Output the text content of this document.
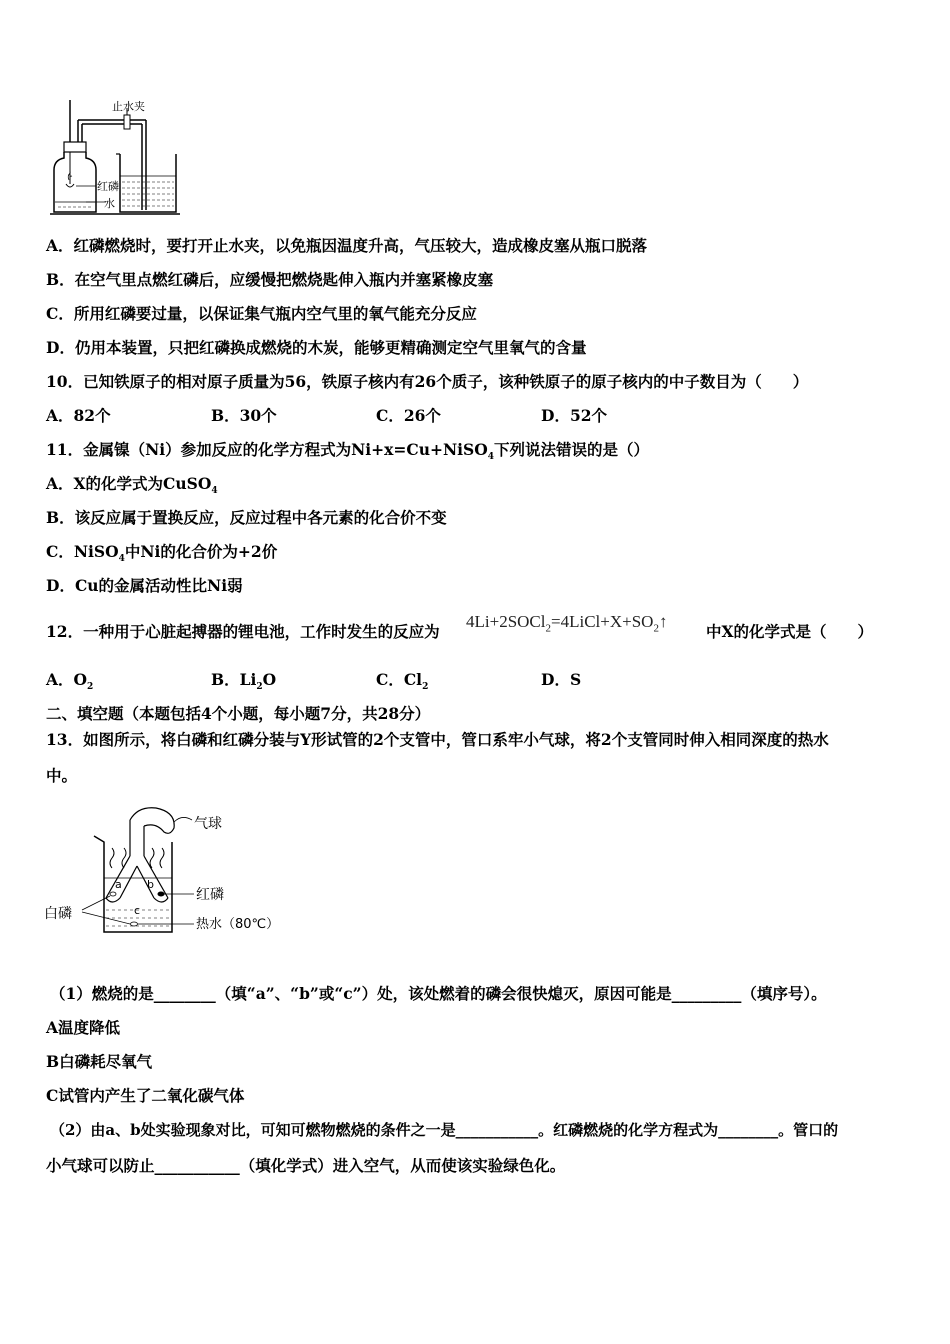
止水夹
红磷
水
A．红磷燃烧时，要打开止水夹，以免瓶因温度升高，气压较大，造成橡皮塞从瓶口脱落
B．在空气里点燃红磷后，应缓慢把燃烧匙伸入瓶内并塞紧橡皮塞
C．所用红磷要过量，以保证集气瓶内空气里的氧气能充分反应
D．仍用本装置，只把红磷换成燃烧的木炭，能够更精确测定空气里氧气的含量
10．已知铁原子的相对原子质量为56，铁原子核内有26个质子，该种铁原子的原子核内的中子数目为（　　）
A．82个	B．30个	C．26个	D．52个
11．金属镍（Ni）参加反应的化学方程式为Ni+x=Cu+NiSO$_4$下列说法错误的是（）
A．X的化学式为CuSO$_4$
B．该反应属于置换反应，反应过程中各元素的化合价不变
C．NiSO$_4$中Ni的化合价为+2价
D．Cu的金属活动性比Ni弱
12．一种用于心脏起搏器的锂电池，工作时发生的反应为
$4Li+2SOCl_2=4LiCl+X+SO_2↑$
中X的化学式是（　　）
A．$O_2$	B．$Li_2O$	C．$Cl_2$	D．S
二、填空题（本题包括4个小题，每小题7分，共28分）
13．如图所示，将白磷和红磷分装与Y形试管的2个支管中，管口系牢小气球，将2个支管同时伸入相同深度的热水
中。
a b
c
气球
红磷
白磷
热水（80℃）
（1）燃烧的是________（填“a”、“b”或“c”）处，该处燃着的磷会很快熄灭，原因可能是_________（填序号）。
A温度降低
B白磷耗尽氧气
C试管内产生了二氧化碳气体
（2）由a、b处实验现象对比，可知可燃物燃烧的条件之一是___________。红磷燃烧的化学方程式为________。管口的
小气球可以防止___________（填化学式）进入空气，从而使该实验绿色化。
